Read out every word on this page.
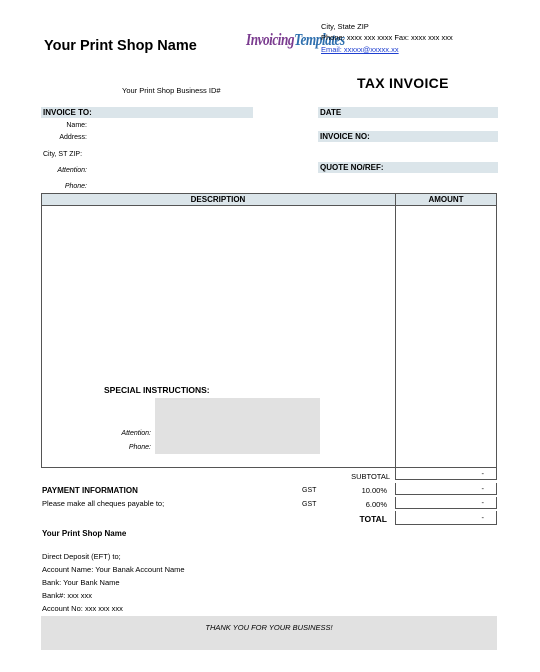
Your Print Shop Name	InvoicingTemplates
City, State ZIP
Phone: xxxx xxx xxxx Fax: xxxx xxx xxx
Email: xxxxx@xxxxx.xx
Your Print Shop Business ID#	TAX INVOICE
INVOICE TO:
Name:
Address:
City, ST ZIP:
Attention:
Phone:
DATE
INVOICE NO:
QUOTE NO/REF:
DESCRIPTION	AMOUNT
SPECIAL INSTRUCTIONS:
Attention:
Phone:
SUBTOTAL	-
GST	10.00%	-
GST	6.00%	-
TOTAL	-
PAYMENT INFORMATION
Please make all cheques payable to;
Your Print Shop Name
Direct Deposit (EFT) to;
Account Name: Your Banak Account Name
Bank: Your Bank Name
Bank#: xxx xxx
Account No: xxx xxx xxx
THANK YOU FOR YOUR BUSINESS!
